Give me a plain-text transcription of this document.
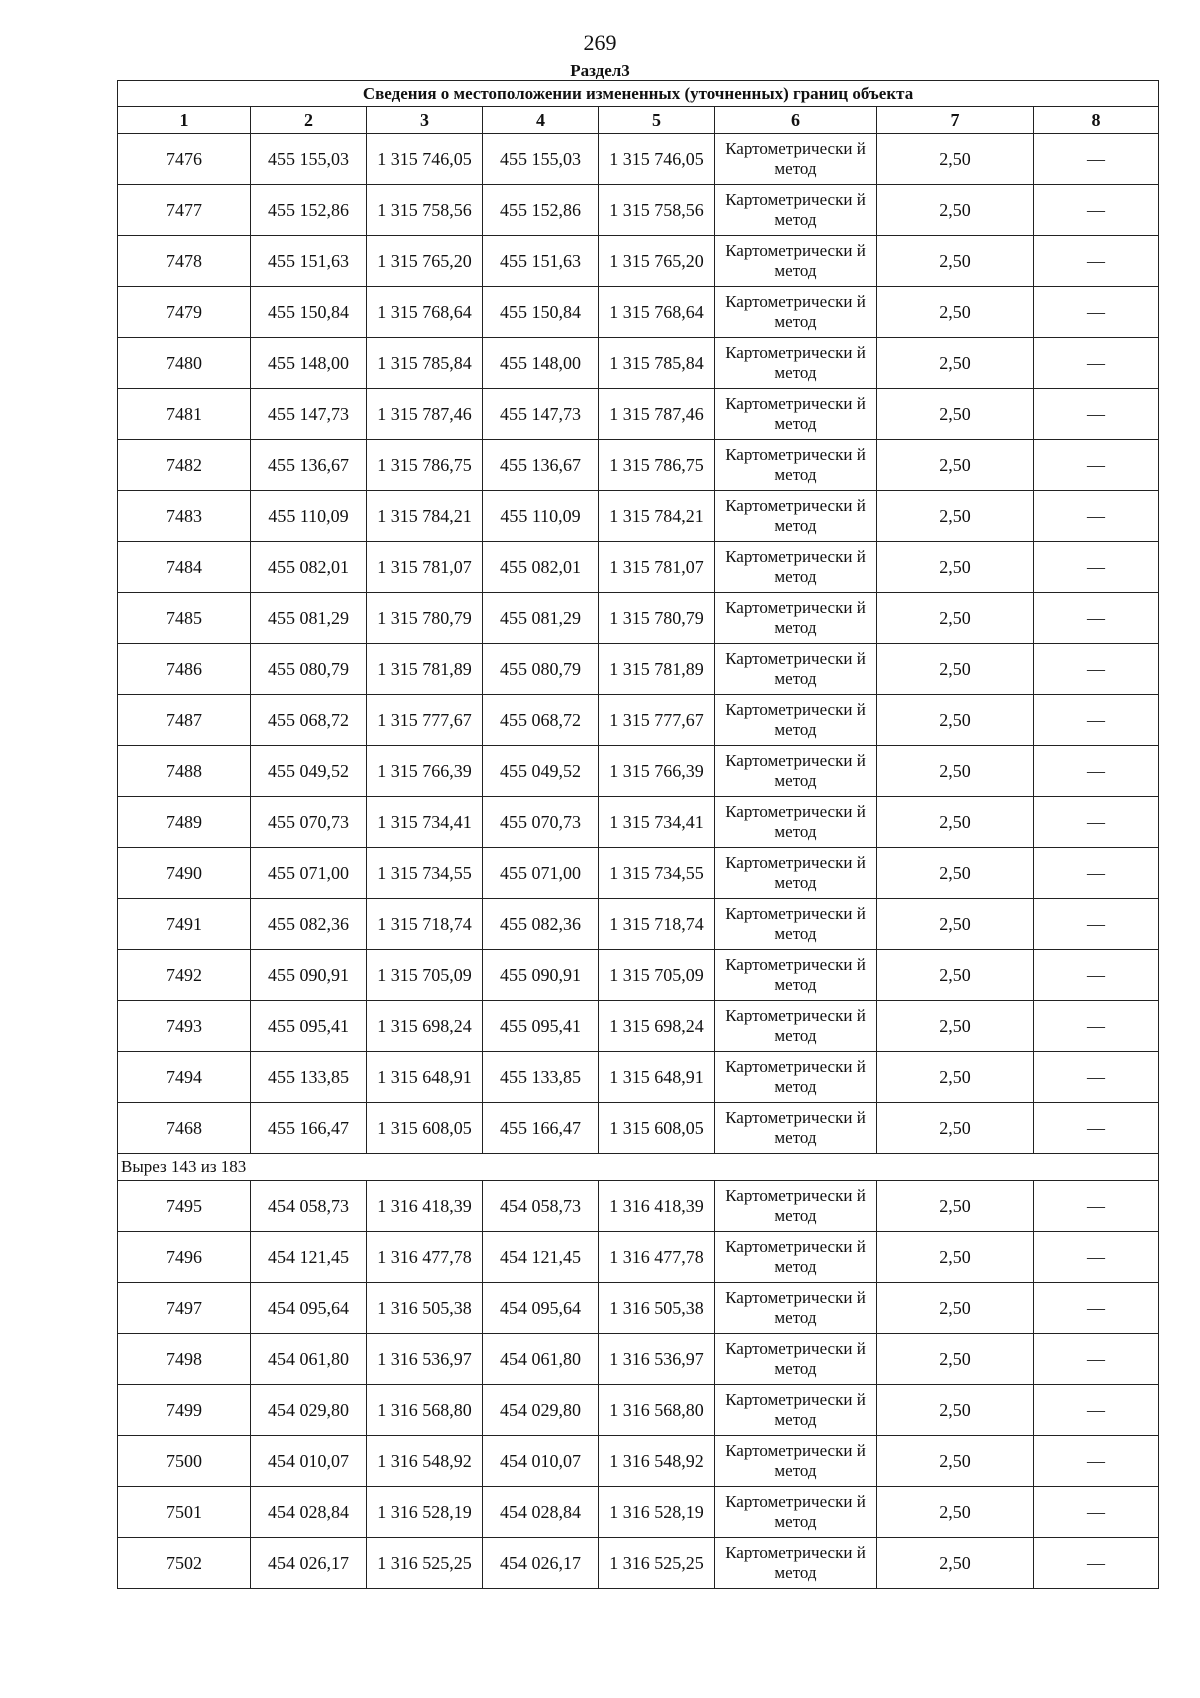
269
Раздел3
Сведения о местоположении измененных (уточненных) границ объекта							
1	2	3	4	5	6	7	8
7476	455 155,03	1 315 746,05	455 155,03	1 315 746,05	Картометрически й метод	2,50	—
7477	455 152,86	1 315 758,56	455 152,86	1 315 758,56	Картометрически й метод	2,50	—
7478	455 151,63	1 315 765,20	455 151,63	1 315 765,20	Картометрически й метод	2,50	—
7479	455 150,84	1 315 768,64	455 150,84	1 315 768,64	Картометрически й метод	2,50	—
7480	455 148,00	1 315 785,84	455 148,00	1 315 785,84	Картометрически й метод	2,50	—
7481	455 147,73	1 315 787,46	455 147,73	1 315 787,46	Картометрически й метод	2,50	—
7482	455 136,67	1 315 786,75	455 136,67	1 315 786,75	Картометрически й метод	2,50	—
7483	455 110,09	1 315 784,21	455 110,09	1 315 784,21	Картометрически й метод	2,50	—
7484	455 082,01	1 315 781,07	455 082,01	1 315 781,07	Картометрически й метод	2,50	—
7485	455 081,29	1 315 780,79	455 081,29	1 315 780,79	Картометрически й метод	2,50	—
7486	455 080,79	1 315 781,89	455 080,79	1 315 781,89	Картометрически й метод	2,50	—
7487	455 068,72	1 315 777,67	455 068,72	1 315 777,67	Картометрически й метод	2,50	—
7488	455 049,52	1 315 766,39	455 049,52	1 315 766,39	Картометрически й метод	2,50	—
7489	455 070,73	1 315 734,41	455 070,73	1 315 734,41	Картометрически й метод	2,50	—
7490	455 071,00	1 315 734,55	455 071,00	1 315 734,55	Картометрически й метод	2,50	—
7491	455 082,36	1 315 718,74	455 082,36	1 315 718,74	Картометрически й метод	2,50	—
7492	455 090,91	1 315 705,09	455 090,91	1 315 705,09	Картометрически й метод	2,50	—
7493	455 095,41	1 315 698,24	455 095,41	1 315 698,24	Картометрически й метод	2,50	—
7494	455 133,85	1 315 648,91	455 133,85	1 315 648,91	Картометрически й метод	2,50	—
7468	455 166,47	1 315 608,05	455 166,47	1 315 608,05	Картометрически й метод	2,50	—
Вырез 143 из 183							
7495	454 058,73	1 316 418,39	454 058,73	1 316 418,39	Картометрически й метод	2,50	—
7496	454 121,45	1 316 477,78	454 121,45	1 316 477,78	Картометрически й метод	2,50	—
7497	454 095,64	1 316 505,38	454 095,64	1 316 505,38	Картометрически й метод	2,50	—
7498	454 061,80	1 316 536,97	454 061,80	1 316 536,97	Картометрически й метод	2,50	—
7499	454 029,80	1 316 568,80	454 029,80	1 316 568,80	Картометрически й метод	2,50	—
7500	454 010,07	1 316 548,92	454 010,07	1 316 548,92	Картометрически й метод	2,50	—
7501	454 028,84	1 316 528,19	454 028,84	1 316 528,19	Картометрически й метод	2,50	—
7502	454 026,17	1 316 525,25	454 026,17	1 316 525,25	Картометрически й метод	2,50	—
